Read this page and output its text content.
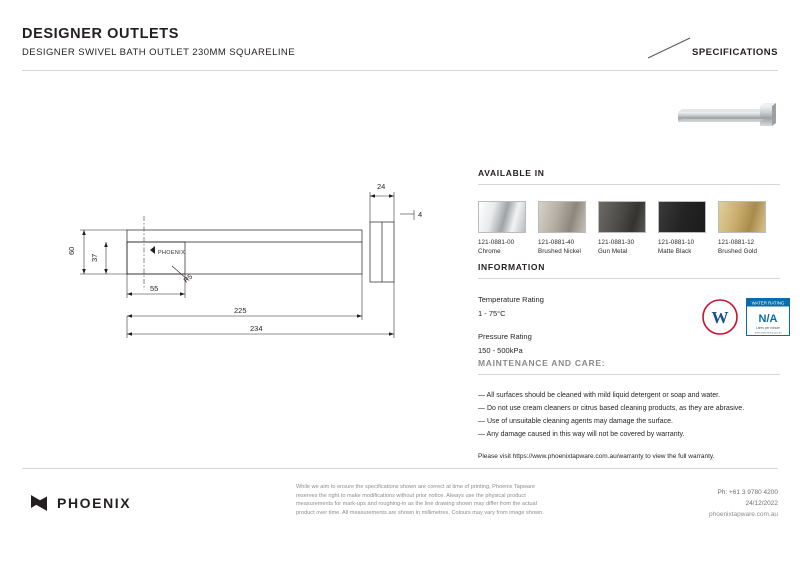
DESIGNER OUTLETS
DESIGNER SWIVEL BATH OUTLET 230MM SQUARELINE	SPECIFICATIONS
PHOENIX
24
4
60
37
55
R5
225
234
AVAILABLE IN
121-0881-00
Chrome
121-0881-40
Brushed Nickel
121-0881-30
Gun Metal
121-0881-10
Matte Black
121-0881-12
Brushed Gold
INFORMATION
Temperature Rating
1 - 75°C
Pressure Rating
150 - 500kPa
W
WATER RATING
N/A
Litres per minute
www.waterrating.gov.au
MAINTENANCE AND CARE:
— All surfaces should be cleaned with mild liquid detergent or soap and water.
— Do not use cream cleaners or citrus based cleaning products, as they are abrasive.
— Use of unsuitable cleaning agents may damage the surface.
— Any damage caused in this way will not be covered by warranty.
Please visit https://www.phoenixtapware.com.au/warranty to view the full warranty.
PHOENIX
While we aim to ensure the specifications shown are correct at time of printing, Phoenix Tapware reserves the right to make modifications without prior notice. Always use the physical product measurements for mark-ups and roughing-in as the line drawing shown may differ from the actual product over time. All measurements are shown in millimetres. Colours may vary from image shown.
Ph: +61 3 9780 4200
24/12/2022
phoenixtapware.com.au
